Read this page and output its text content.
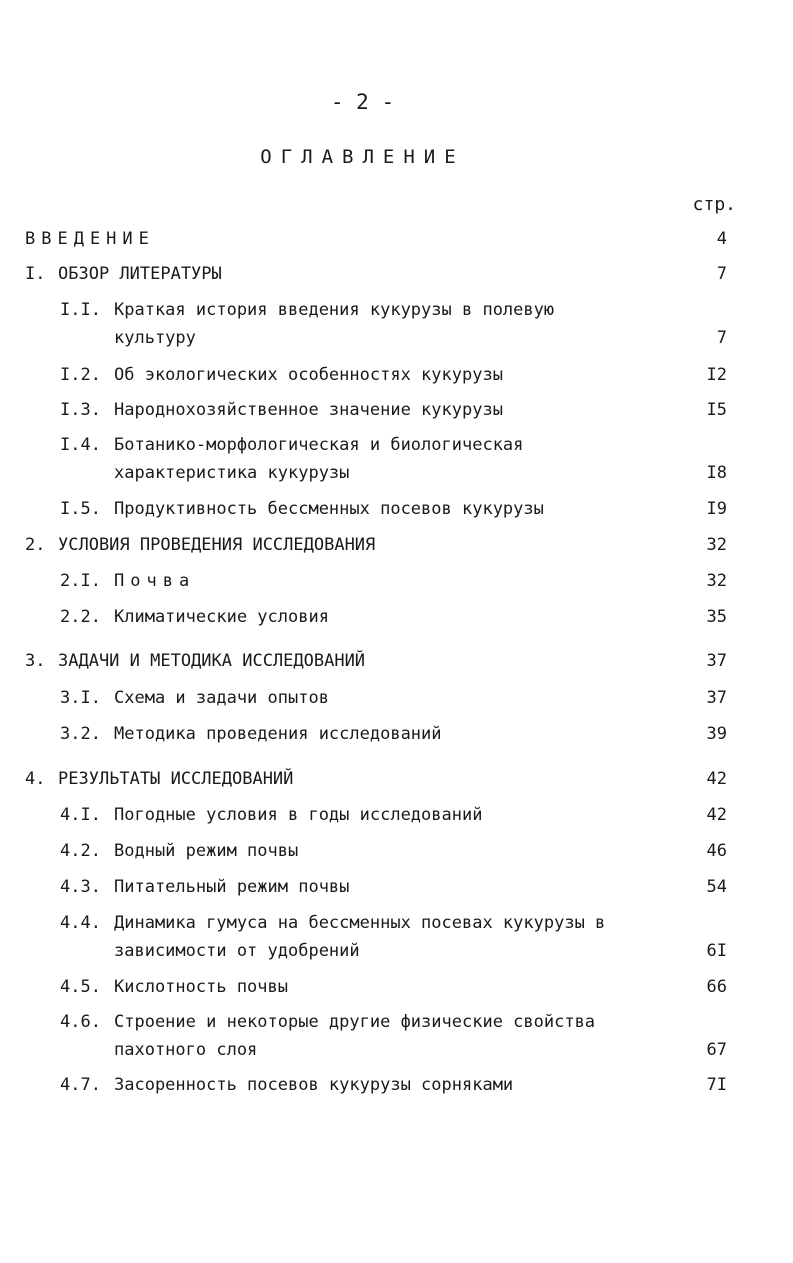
- 2 -
ОГЛАВЛЕНИЕ
стр.
ВВЕДЕНИЕ	4
I. ОБЗОР ЛИТЕРАТУРЫ	7
I.I. Краткая история введения кукурузы в полевую культуру	7
I.2. Об экологических особенностях кукурузы	I2
I.3. Народнохозяйственное значение кукурузы	I5
I.4. Ботанико-морфологическая и биологическая характеристика кукурузы	I8
I.5. Продуктивность бессменных посевов кукурузы	I9
2. УСЛОВИЯ ПРОВЕДЕНИЯ ИССЛЕДОВАНИЯ	32
2.I. Почва	32
2.2. Климатические условия	35
3. ЗАДАЧИ И МЕТОДИКА ИССЛЕДОВАНИЙ	37
3.I. Схема и задачи опытов	37
3.2. Методика проведения исследований	39
4. РЕЗУЛЬТАТЫ ИССЛЕДОВАНИЙ	42
4.I. Погодные условия в годы исследований	42
4.2. Водный режим почвы	46
4.3. Питательный режим почвы	54
4.4. Динамика гумуса на бессменных посевах кукурузы в зависимости от удобрений	6I
4.5. Кислотность почвы	66
4.6. Строение и некоторые другие физические свойства пахотного слоя	67
4.7. Засоренность посевов кукурузы сорняками	7I
